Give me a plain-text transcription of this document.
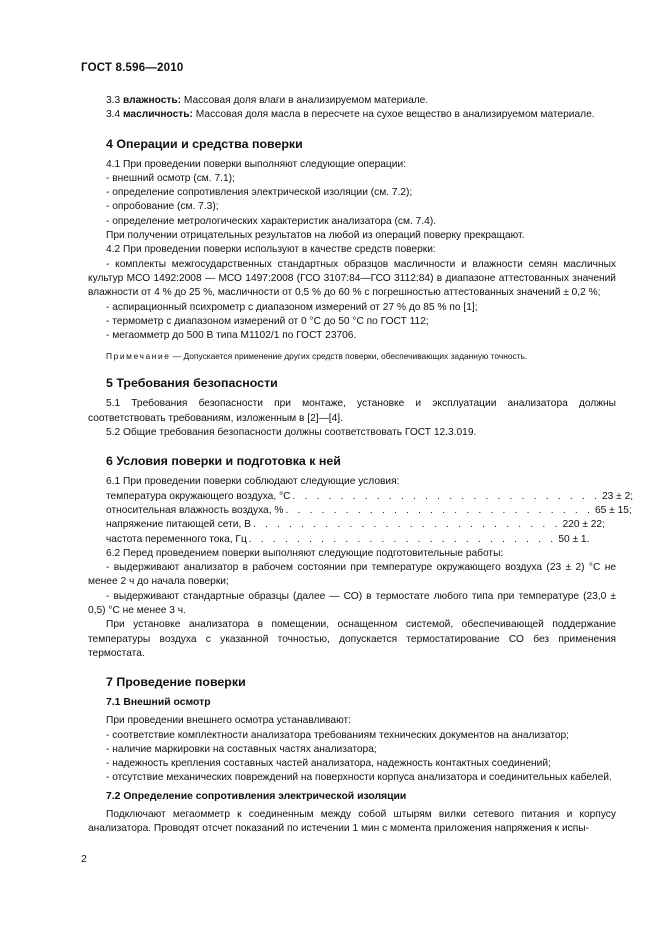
ГОСТ 8.596—2010

3.3 влажность: Массовая доля влаги в анализируемом материале.

3.4 масличность: Массовая доля масла в пересчете на сухое вещество в анализируемом материале.

4 Операции и средства поверки

4.1 При проведении поверки выполняют следующие операции:

- внешний осмотр (см. 7.1);

- определение сопротивления электрической изоляции (см. 7.2);

- опробование (см. 7.3);

- определение метрологических характеристик анализатора (см. 7.4).

При получении отрицательных результатов на любой из операций поверку прекращают.

4.2 При проведении поверки используют в качестве средств поверки:

- комплекты межгосударственных стандартных образцов масличности и влажности семян масличных культур МСО 1492:2008 — МСО 1497:2008 (ГСО 3107:84—ГСО 3112:84) в диапазоне аттестованных значений влажности от 4 % до 25 %, масличности от 0,5 % до 60 % с погрешностью аттестованных значений ± 0,2 %;

- аспирационный психрометр с диапазоном измерений от 27 % до 85 % по [1];

- термометр с диапазоном измерений от 0 °С до 50 °С по ГОСТ 112;

- мегаомметр до 500 В типа М1102/1 по ГОСТ 23706.

Примечание — Допускается применение других средств поверки, обеспечивающих заданную точность.

5 Требования безопасности

5.1 Требования безопасности при монтаже, установке и эксплуатации анализатора должны соответствовать требованиям, изложенным в [2]—[4].

5.2 Общие требования безопасности должны соответствовать ГОСТ 12.3.019.

6 Условия поверки и подготовка к ней

6.1 При проведении поверки соблюдают следующие условия:

температура окружающего воздуха, °С . . . . . . . . . . . . . . . . . . . . . . . . . . 23 ± 2;
относительная влажность воздуха, % . . . . . . . . . . . . . . . . . . . . . . . . . . 65 ± 15;
напряжение питающей сети, В . . . . . . . . . . . . . . . . . . . . . . . . . . 220 ± 22;
частота переменного тока, Гц . . . . . . . . . . . . . . . . . . . . . . . . . . 50 ± 1.

6.2 Перед проведением поверки выполняют следующие подготовительные работы:

- выдерживают анализатор в рабочем состоянии при температуре окружающего воздуха (23 ± 2) °С не менее 2 ч до начала поверки;

- выдерживают стандартные образцы (далее — СО) в термостате любого типа при температуре (23,0 ± 0,5) °С не менее 3 ч.

При установке анализатора в помещении, оснащенном системой, обеспечивающей поддержание температуры воздуха с указанной точностью, допускается термостатирование СО без применения термостата.

7 Проведение поверки

7.1 Внешний осмотр

При проведении внешнего осмотра устанавливают:

- соответствие комплектности анализатора требованиям технических документов на анализатор;

- наличие маркировки на составных частях анализатора;

- надежность крепления составных частей анализатора, надежность контактных соединений;

- отсутствие механических повреждений на поверхности корпуса анализатора и соединительных кабелей.

7.2 Определение сопротивления электрической изоляции

Подключают мегаомметр к соединенным между собой штырям вилки сетевого питания и корпусу анализатора. Проводят отсчет показаний по истечении 1 мин с момента приложения напряжения к испы-

2
